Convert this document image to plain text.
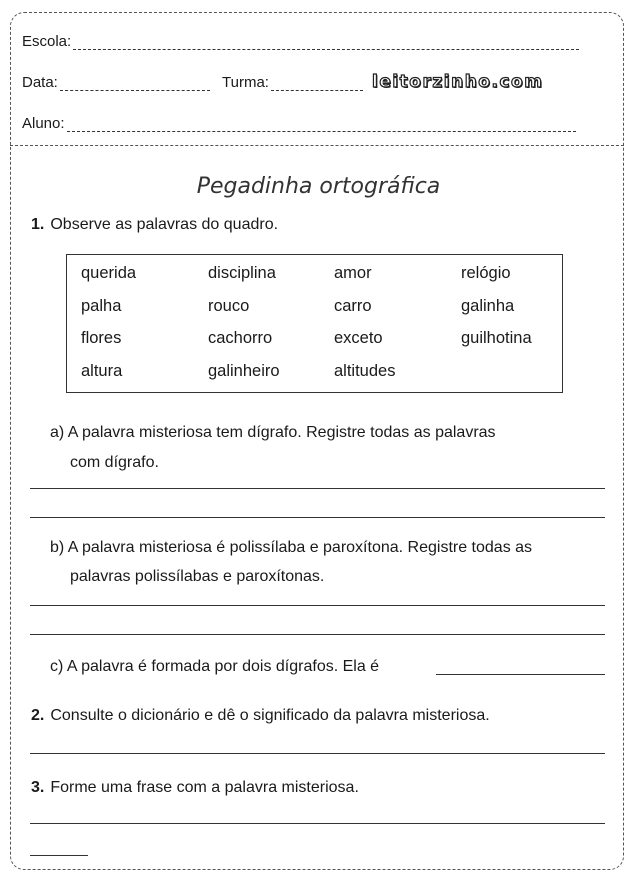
Escola:
Data:	Turma:	leitorzinho.com
Aluno:
Pegadinha ortográfica
1. Observe as palavras do quadro.
querida	disciplina	amor	relógio
palha	rouco	carro	galinha
flores	cachorro	exceto	guilhotina
altura	galinheiro	altitudes
a) A palavra misteriosa tem dígrafo. Registre todas as palavras
com dígrafo.
b) A palavra misteriosa é polissílaba e paroxítona. Registre todas as
palavras polissílabas e paroxítonas.
c) A palavra é formada por dois dígrafos. Ela é
2. Consulte o dicionário e dê o significado da palavra misteriosa.
3. Forme uma frase com a palavra misteriosa.
